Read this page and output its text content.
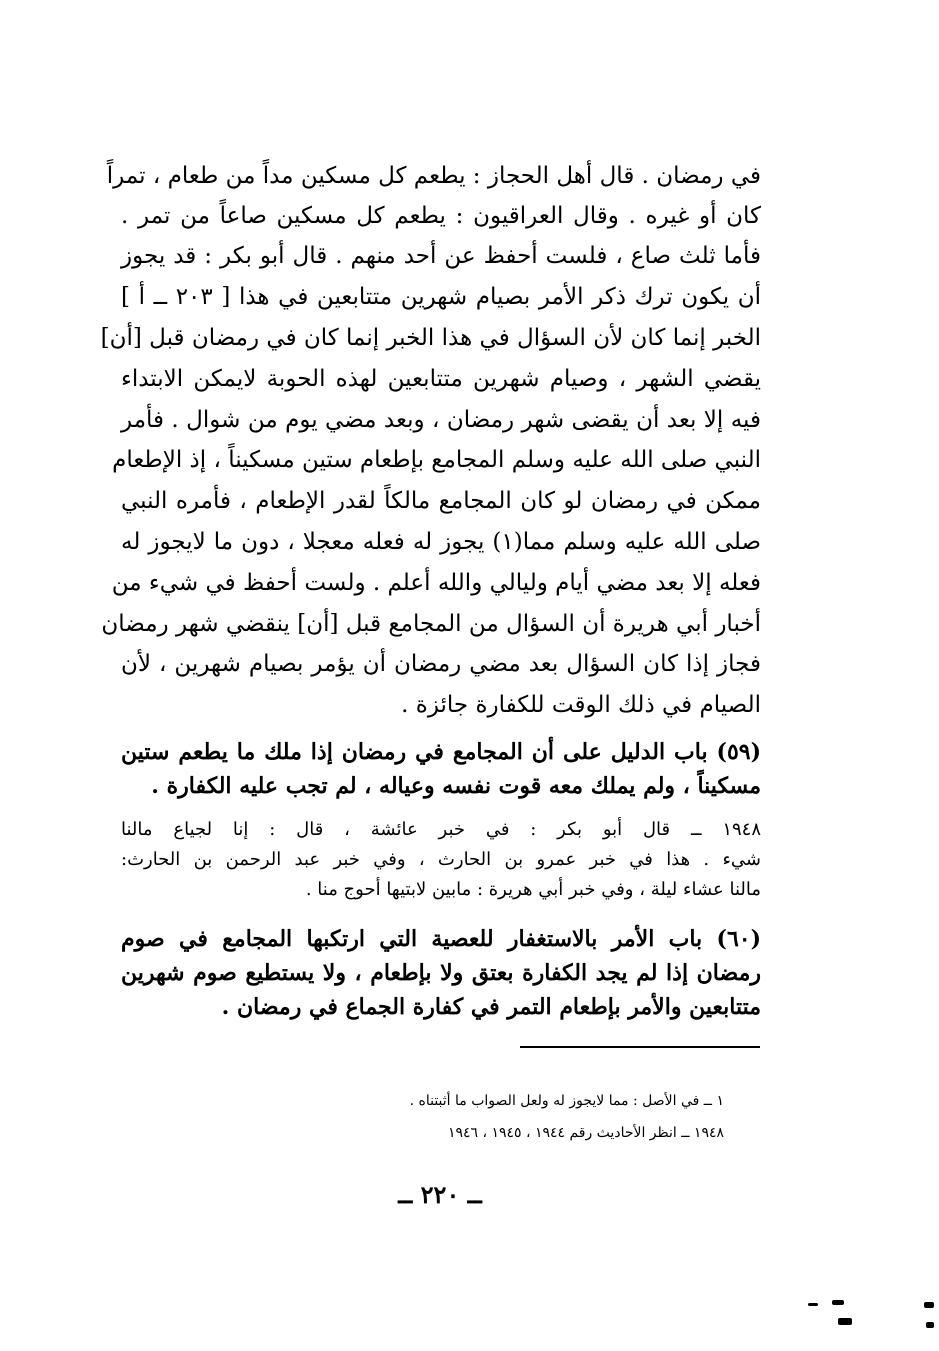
في رمضان . قال أهل الحجاز : يطعم كل مسكين مداً من طعام ، تمراً
كان أو غيره . وقال العراقيون : يطعم كل مسكين صاعاً من تمر .
فأما ثلث صاع ، فلست أحفظ عن أحد منهم . قال أبو بكر : قد يجوز
أن يكون ترك ذكر الأمر بصيام شهرين متتابعين في هذا [ ٢٠٣ ــ أ ]
الخبر إنما كان لأن السؤال في هذا الخبر إنما كان في رمضان قبل [أن]
يقضي الشهر ، وصيام شهرين متتابعين لهذه الحوبة لايمكن الابتداء
فيه إلا بعد أن يقضى شهر رمضان ، وبعد مضي يوم من شوال . فأمر
النبي صلى الله عليه وسلم المجامع بإطعام ستين مسكيناً ، إذ الإطعام
ممكن في رمضان لو كان المجامع مالكاً لقدر الإطعام ، فأمره النبي
صلى الله عليه وسلم مما(١) يجوز له فعله معجلا ، دون ما لايجوز له
فعله إلا بعد مضي أيام وليالي والله أعلم . ولست أحفظ في شيء من
أخبار أبي هريرة أن السؤال من المجامع قبل [أن] ينقضي شهر رمضان
فجاز إذا كان السؤال بعد مضي رمضان أن يؤمر بصيام شهرين ، لأن
الصيام في ذلك الوقت للكفارة جائزة .
(٥٩) باب الدليل على أن المجامع في رمضان إذا ملك ما يطعم ستين
مسكيناً ، ولم يملك معه قوت نفسه وعياله ، لم تجب عليه الكفارة .
١٩٤٨ ــ قال أبو بكر : في خبر عائشة ، قال : إنا لجياع مالنا
شيء . هذا في خبر عمرو بن الحارث ، وفي خبر عبد الرحمن بن الحارث:
مالنا عشاء ليلة ، وفي خبر أبي هريرة : مابين لابتيها أحوج منا .
(٦٠) باب الأمر بالاستغفار للعصية التي ارتكبها المجامع في صوم
رمضان إذا لم يجد الكفارة بعتق ولا بإطعام ، ولا يستطيع صوم شهرين
متتابعين والأمر بإطعام التمر في كفارة الجماع في رمضان .
١ ــ في الأصل : مما لايجوز له ولعل الصواب ما أثبتناه .
١٩٤٨ ــ انظر الأحاديث رقم ١٩٤٤ ، ١٩٤٥ ، ١٩٤٦
ــ ٢٢٠ ــ
